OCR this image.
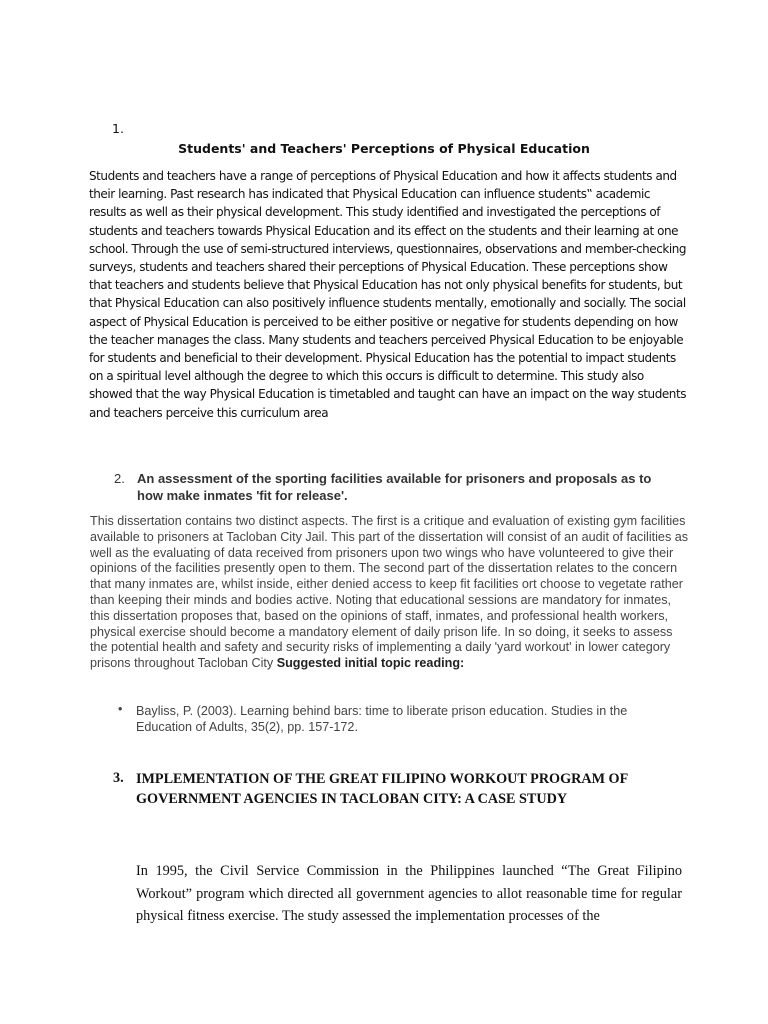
1.
Students' and Teachers' Perceptions of Physical Education

Students and teachers have a range of perceptions of Physical Education and how it affects students and their learning. Past research has indicated that Physical Education can influence students‟ academic results as well as their physical development. This study identified and investigated the perceptions of students and teachers towards Physical Education and its effect on the students and their learning at one school. Through the use of semi-structured interviews, questionnaires, observations and member-checking surveys, students and teachers shared their perceptions of Physical Education. These perceptions show that teachers and students believe that Physical Education has not only physical benefits for students, but that Physical Education can also positively influence students mentally, emotionally and socially. The social aspect of Physical Education is perceived to be either positive or negative for students depending on how the teacher manages the class. Many students and teachers perceived Physical Education to be enjoyable for students and beneficial to their development. Physical Education has the potential to impact students on a spiritual level although the degree to which this occurs is difficult to determine. This study also showed that the way Physical Education is timetabled and taught can have an impact on the way students and teachers perceive this curriculum area

2. An assessment of the sporting facilities available for prisoners and proposals as to how make inmates 'fit for release'.

This dissertation contains two distinct aspects. The first is a critique and evaluation of existing gym facilities available to prisoners at Tacloban City Jail. This part of the dissertation will consist of an audit of facilities as well as the evaluating of data received from prisoners upon two wings who have volunteered to give their opinions of the facilities presently open to them. The second part of the dissertation relates to the concern that many inmates are, whilst inside, either denied access to keep fit facilities ort choose to vegetate rather than keeping their minds and bodies active. Noting that educational sessions are mandatory for inmates, this dissertation proposes that, based on the opinions of staff, inmates, and professional health workers, physical exercise should become a mandatory element of daily prison life. In so doing, it seeks to assess the potential health and safety and security risks of implementing a daily 'yard workout' in lower category prisons throughout Tacloban City Suggested initial topic reading:

• Bayliss, P. (2003). Learning behind bars: time to liberate prison education. Studies in the Education of Adults, 35(2), pp. 157-172.

3. IMPLEMENTATION OF THE GREAT FILIPINO WORKOUT PROGRAM OF GOVERNMENT AGENCIES IN TACLOBAN CITY: A CASE STUDY

In 1995, the Civil Service Commission in the Philippines launched “The Great Filipino Workout” program which directed all government agencies to allot reasonable time for regular physical fitness exercise. The study assessed the implementation processes of the
